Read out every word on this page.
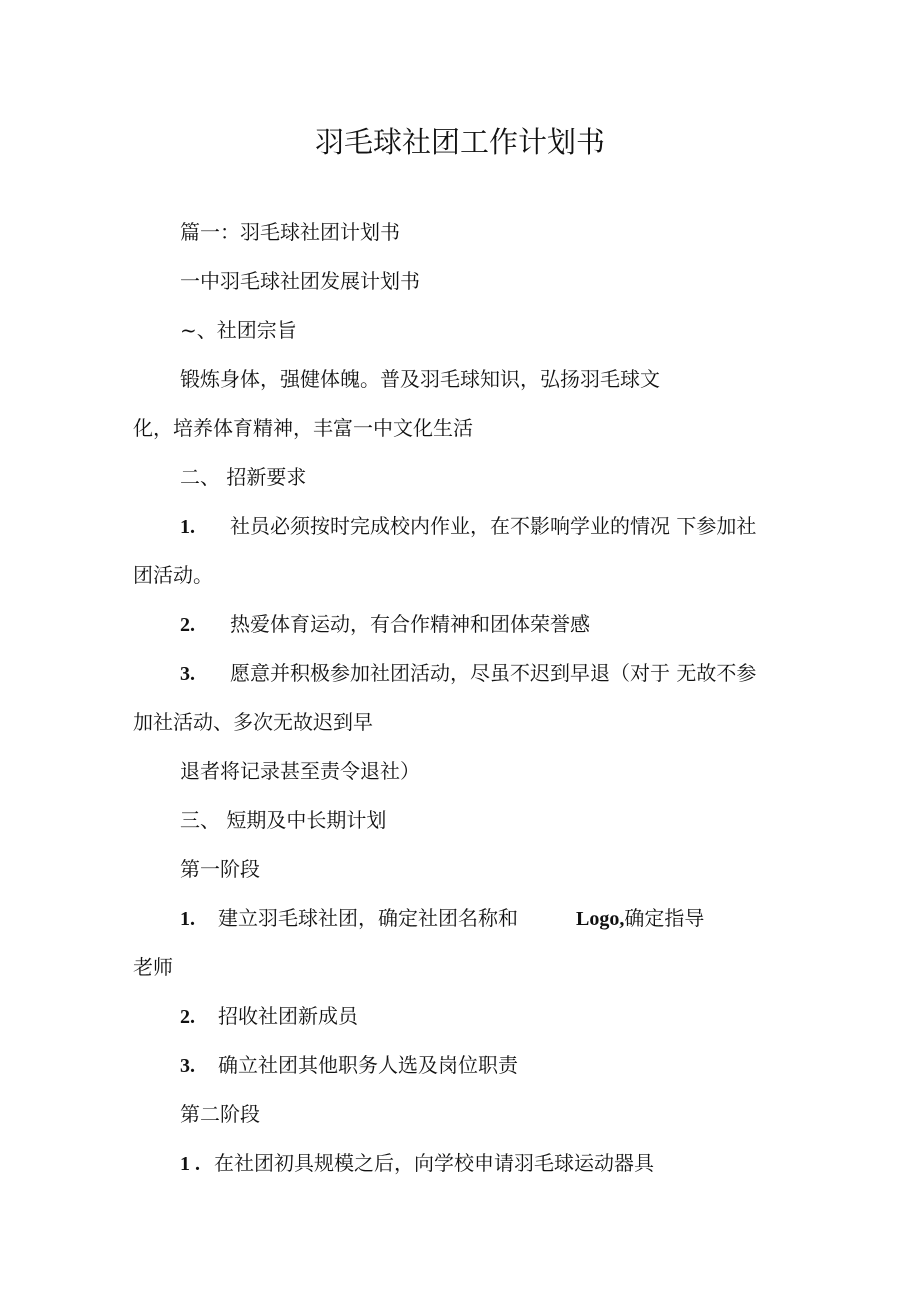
羽毛球社团工作计划书
篇一：羽毛球社团计划书
一中羽毛球社团发展计划书
~、社团宗旨
锻炼身体，强健体魄。普及羽毛球知识，弘扬羽毛球文
化，培养体育精神，丰富一中文化生活
二、 招新要求
1. 社员必须按时完成校内作业，在不影响学业的情况 下参加社
团活动。
2. 热爱体育运动，有合作精神和团体荣誉感
3. 愿意并积极参加社团活动，尽虽不迟到早退（对于 无故不参
加社活动、多次无故迟到早
退者将记录甚至责令退社）
三、 短期及中长期计划
第一阶段
1. 建立羽毛球社团，确定社团名称和	Logo,确定指导
老师
2. 招收社团新成员
3. 确立社团其他职务人选及岗位职责
第二阶段
1 . 在社团初具规模之后，向学校申请羽毛球运动器具
